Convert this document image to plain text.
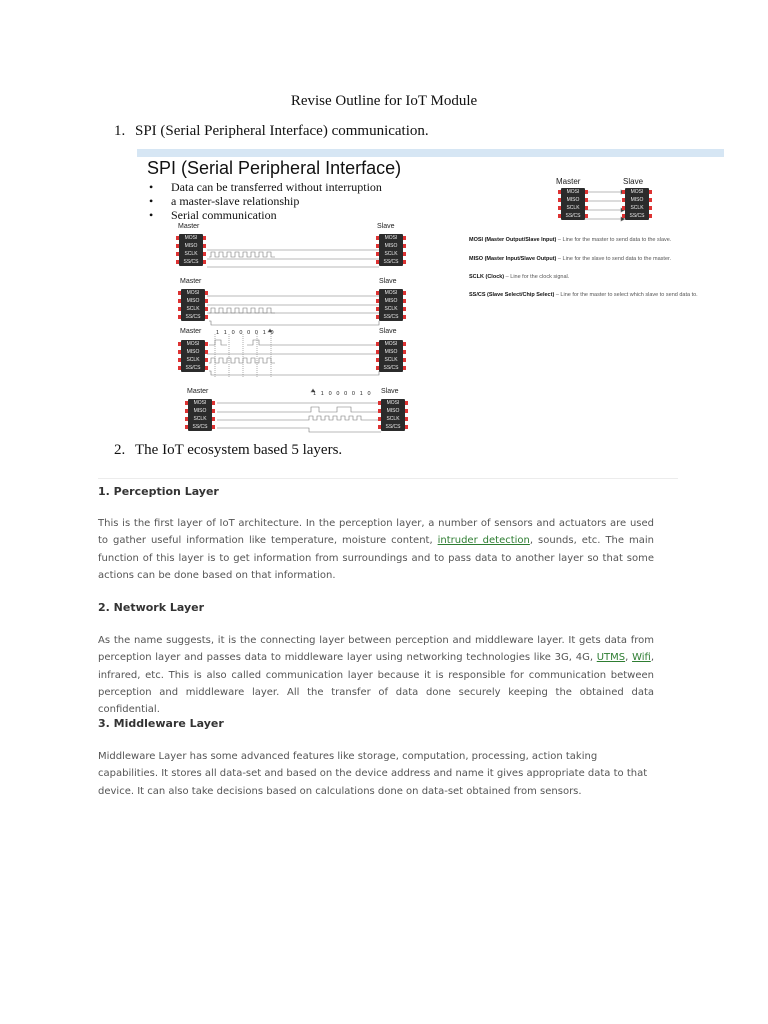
Revise Outline for IoT Module
1. SPI (Serial Peripheral Interface) communication.
SPI (Serial Peripheral Interface)
• Data can be transferred without interruption
• a master-slave relationship
• Serial communication
Master	Slave
MOSI
MISO
SCLK
SS/CS
MOSI
MISO
SCLK
SS/CS
Master	Slave
MOSI
MISO
SCLK
SS/CS
MOSI
MISO
SCLK
SS/CS
Master	1 1 0 0 0 0 1 0	Slave
MOSI
MISO
SCLK
SS/CS
MOSI
MISO
SCLK
SS/CS
Master	1 1 0 0 0 0 1 0 Slave
MOSI
MISO
SCLK
SS/CS
MOSI
MISO
SCLK
SS/CS
Master	Slave
MOSI
MISO
SCLK
SS/CS
MOSI
MISO
SCLK
SS/CS
MOSI (Master Output/Slave Input) – Line for the master to send data to the slave.
MISO (Master Input/Slave Output) – Line for the slave to send data to the master.
SCLK (Clock) – Line for the clock signal.
SS/CS (Slave Select/Chip Select) – Line for the master to select which slave to send data to.
2. The IoT ecosystem based 5 layers.
1. Perception Layer

This is the first layer of IoT architecture. In the perception layer, a number of sensors and actuators are used to gather useful information like temperature, moisture content, intruder detection, sounds, etc. The main function of this layer is to get information from surroundings and to pass data to another layer so that some actions can be done based on that information.

2. Network Layer

As the name suggests, it is the connecting layer between perception and middleware layer. It gets data from perception layer and passes data to middleware layer using networking technologies like 3G, 4G, UTMS, Wifi, infrared, etc. This is also called communication layer because it is responsible for communication between perception and middleware layer. All the transfer of data done securely keeping the obtained data confidential.

3. Middleware Layer

Middleware Layer has some advanced features like storage, computation, processing, action taking capabilities. It stores all data-set and based on the device address and name it gives appropriate data to that device. It can also take decisions based on calculations done on data-set obtained from sensors.
